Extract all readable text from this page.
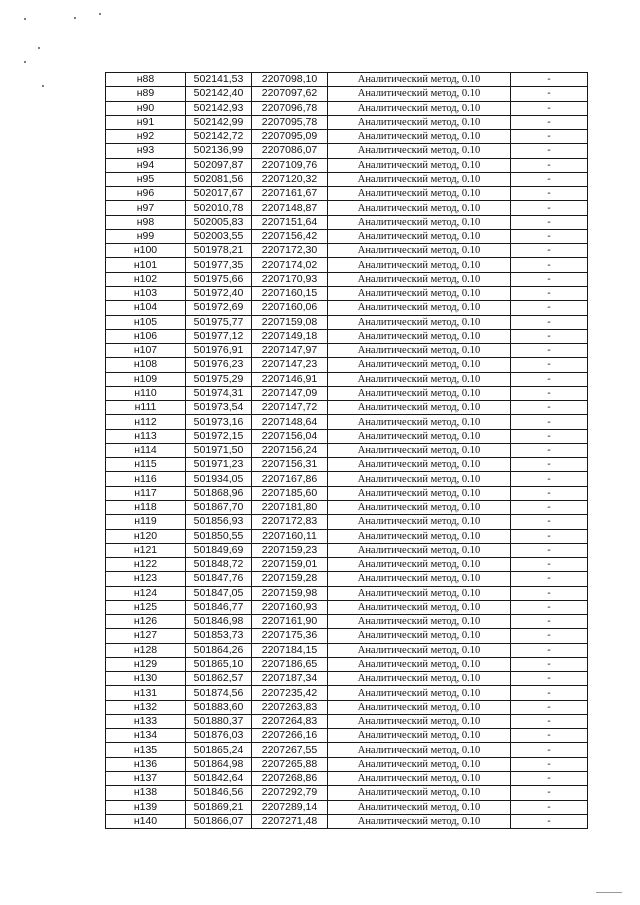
н88	502141,53	2207098,10	Аналитический метод, 0.10	-
н89	502142,40	2207097,62	Аналитический метод, 0.10	-
н90	502142,93	2207096,78	Аналитический метод, 0.10	-
н91	502142,99	2207095,78	Аналитический метод, 0.10	-
н92	502142,72	2207095,09	Аналитический метод, 0.10	-
н93	502136,99	2207086,07	Аналитический метод, 0.10	-
н94	502097,87	2207109,76	Аналитический метод, 0.10	-
н95	502081,56	2207120,32	Аналитический метод, 0.10	-
н96	502017,67	2207161,67	Аналитический метод, 0.10	-
н97	502010,78	2207148,87	Аналитический метод, 0.10	-
н98	502005,83	2207151,64	Аналитический метод, 0.10	-
н99	502003,55	2207156,42	Аналитический метод, 0.10	-
н100	501978,21	2207172,30	Аналитический метод, 0.10	-
н101	501977,35	2207174,02	Аналитический метод, 0.10	-
н102	501975,66	2207170,93	Аналитический метод, 0.10	-
н103	501972,40	2207160,15	Аналитический метод, 0.10	-
н104	501972,69	2207160,06	Аналитический метод, 0.10	-
н105	501975,77	2207159,08	Аналитический метод, 0.10	-
н106	501977,12	2207149,18	Аналитический метод, 0.10	-
н107	501976,91	2207147,97	Аналитический метод, 0.10	-
н108	501976,23	2207147,23	Аналитический метод, 0.10	-
н109	501975,29	2207146,91	Аналитический метод, 0.10	-
н110	501974,31	2207147,09	Аналитический метод, 0.10	-
н111	501973,54	2207147,72	Аналитический метод, 0.10	-
н112	501973,16	2207148,64	Аналитический метод, 0.10	-
н113	501972,15	2207156,04	Аналитический метод, 0.10	-
н114	501971,50	2207156,24	Аналитический метод, 0.10	-
н115	501971,23	2207156,31	Аналитический метод, 0.10	-
н116	501934,05	2207167,86	Аналитический метод, 0.10	-
н117	501868,96	2207185,60	Аналитический метод, 0.10	-
н118	501867,70	2207181,80	Аналитический метод, 0.10	-
н119	501856,93	2207172,83	Аналитический метод, 0.10	-
н120	501850,55	2207160,11	Аналитический метод, 0.10	-
н121	501849,69	2207159,23	Аналитический метод, 0.10	-
н122	501848,72	2207159,01	Аналитический метод, 0.10	-
н123	501847,76	2207159,28	Аналитический метод, 0.10	-
н124	501847,05	2207159,98	Аналитический метод, 0.10	-
н125	501846,77	2207160,93	Аналитический метод, 0.10	-
н126	501846,98	2207161,90	Аналитический метод, 0.10	-
н127	501853,73	2207175,36	Аналитический метод, 0.10	-
н128	501864,26	2207184,15	Аналитический метод, 0.10	-
н129	501865,10	2207186,65	Аналитический метод, 0.10	-
н130	501862,57	2207187,34	Аналитический метод, 0.10	-
н131	501874,56	2207235,42	Аналитический метод, 0.10	-
н132	501883,60	2207263,83	Аналитический метод, 0.10	-
н133	501880,37	2207264,83	Аналитический метод, 0.10	-
н134	501876,03	2207266,16	Аналитический метод, 0.10	-
н135	501865,24	2207267,55	Аналитический метод, 0.10	-
н136	501864,98	2207265,88	Аналитический метод, 0.10	-
н137	501842,64	2207268,86	Аналитический метод, 0.10	-
н138	501846,56	2207292,79	Аналитический метод, 0.10	-
н139	501869,21	2207289,14	Аналитический метод, 0.10	-
н140	501866,07	2207271,48	Аналитический метод, 0.10	-
